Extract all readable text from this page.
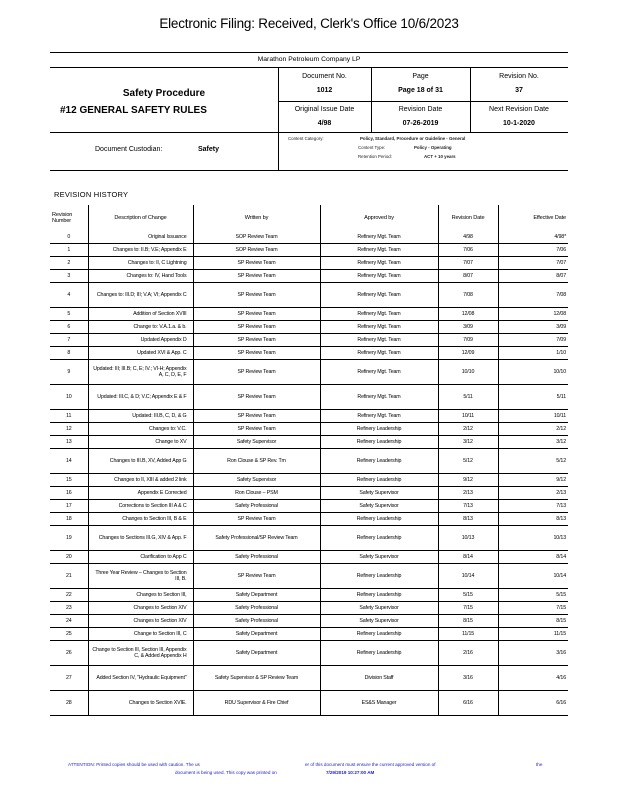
Electronic Filing: Received, Clerk's Office 10/6/2023
Marathon Petroleum Company LP
Safety Procedure
#12 GENERAL SAFETY RULES
Document No.
1012
Page
Page 18 of 31
Revision No.
37
Original Issue Date
4/98
Revision Date
07-26-2019
Next Revision Date
10-1-2020
Document Custodian:	Safety
Content Category:	Policy, Standard, Procedure or Guideline - General
Content Type:	Policy - Operating
Retention Period:	ACT + 10 years
REVISION HISTORY
Revision Number	Description of Change	Written by	Approved by	Revision Date	Effective Date
0	Original Issuance	SOP Review Team	Refinery Mgt. Team	4/98	4/98*
1	Changes to: II.B; V.E; Appendix E	SOP Review Team	Refinery Mgt. Team	7/06	7/06
2	Changes to: II, C Lightning	SP Review Team	Refinery Mgt. Team	7/07	7/07
3	Changes to: IV, Hand Tools	SP Review Team	Refinery Mgt. Team	8/07	8/07
4	Changes to: III.D; III; V.A; VI; Appendix C	SP Review Team	Refinery Mgt. Team	7/08	7/08
5	Addition of Section XVIII	SP Review Team	Refinery Mgt. Team	12/08	12/08
6	Change to: V.A.1.a. & b.	SP Review Team	Refinery Mgt. Team	3/09	3/09
7	Updated Appendix D	SP Review Team	Refinery Mgt. Team	7/09	7/09
8	Updated XVI & App. C	SP Review Team	Refinery Mgt. Team	12/09	1/10
9	Updated: III; III.B; C, E; IV.; VI-H; Appendix A, C, D, E, F	SP Review Team	Refinery Mgt. Team	10/10	10/10
10	Updated: III.C, & D; V.C; Appendix E & F	SP Review Team	Refinery Mgt. Team	5/11	5/11
11	Updated: III.B, C, D, & G	SP Review Team	Refinery Mgt. Team	10/11	10/11
12	Changes to: V.C.	SP Review Team	Refinery Leadership	2/12	2/12
13	Change to XV	Safety Supervisor	Refinery Leadership	3/12	3/12
14	Changes to III.B, XV, Added App G	Ron Clouse & SP Rev. Tm	Refinery Leadership	5/12	5/12
15	Changes to II, XIII & added 2 link	Safety Supervisor	Refinery Leadership	9/12	9/12
16	Appendix E Corrected	Ron Clouse – PSM	Safety Supervisor	2/13	2/13
17	Corrections to Section III A & C	Safety Professional	Safety Supervisor	7/13	7/13
18	Changes to Section III, B & E	SP Review Team	Refinery Leadership	8/13	8/13
19	Changes to Sections III.G, XIV & App. F	Safety Professional/SP Review Team	Refinery Leadership	10/13	10/13
20	Clarification to App C	Safety Professional	Safety Supervisor	8/14	8/14
21	Three Year Review – Changes to Section III, B.	SP Review Team	Refinery Leadership	10/14	10/14
22	Changes to Section III,	Safety Department	Refinery Leadership	5/15	5/15
23	Changes to Section XIV	Safety Professional	Safety Supervisor	7/15	7/15
24	Changes to Section XIV	Safety Professional	Safety Supervisor	8/15	8/15
25	Change to Section III, C	Safety Department	Refinery Leadership	11/15	11/15
26	Change to Section III, Section III, Appendix C, & Added Appendix H	Safety Department	Refinery Leadership	2/16	3/16
27	Added Section IV, "Hydraulic Equipment"	Safety Supervisor & SP Review Team	Division Staff	3/16	4/16
28	Changes to Section XVIE.	RDU Supervisor & Fire Chief	ES&S Manager	6/16	6/16
ATTENTION: Printed copies should be used with caution. The us	er of this document must ensure the current approved version of	the
document is being used. This copy was printed on	7/29/2019 10:27:00 AM
